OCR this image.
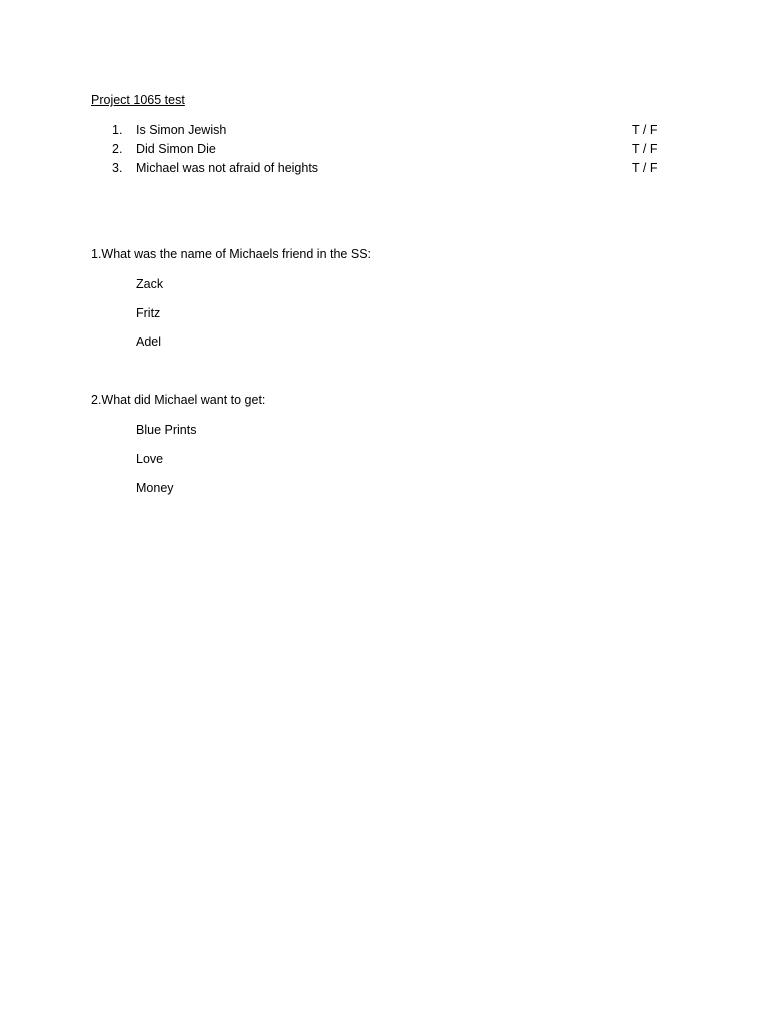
Project 1065 test
1. Is Simon Jewish	T / F
2. Did Simon Die	T / F
3. Michael was not afraid of heights	T / F
1.What was the name of Michaels friend in the SS:
Zack
Fritz
Adel
2.What did Michael want to get:
Blue Prints
Love
Money
